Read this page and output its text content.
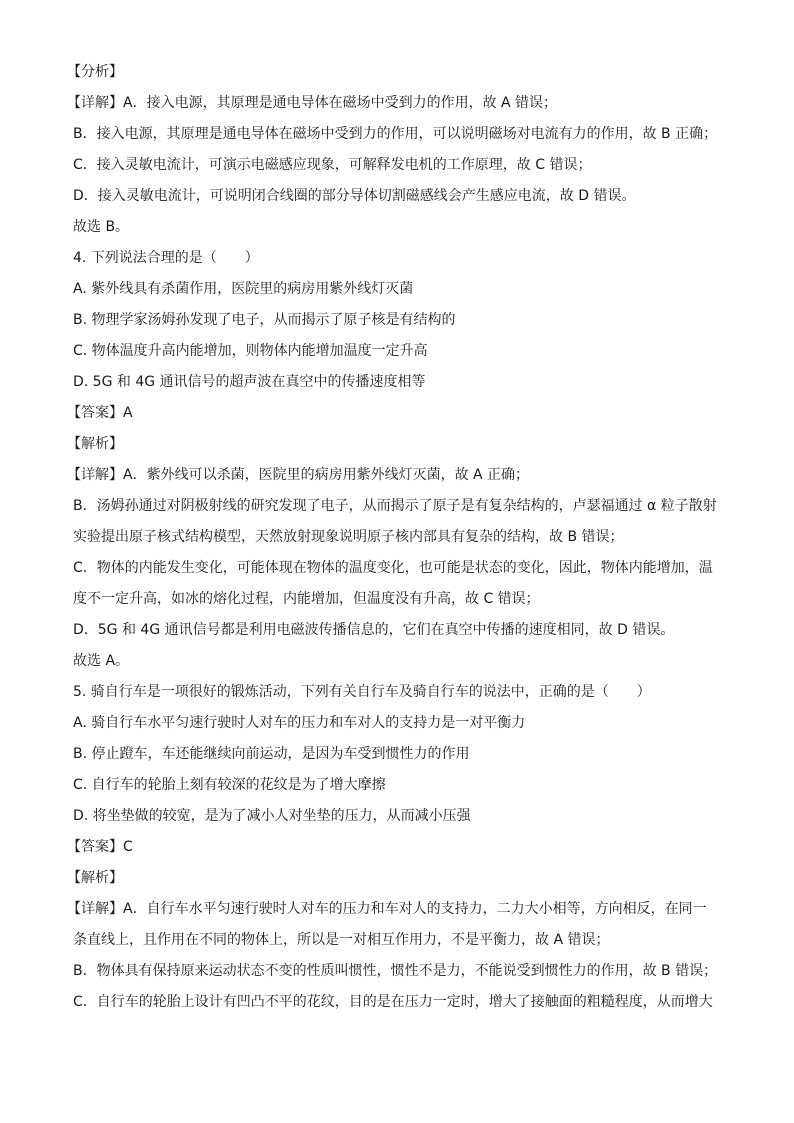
【分析】
【详解】A．接入电源，其原理是通电导体在磁场中受到力的作用，故 A 错误；
B．接入电源，其原理是通电导体在磁场中受到力的作用，可以说明磁场对电流有力的作用，故 B 正确；
C．接入灵敏电流计，可演示电磁感应现象，可解释发电机的工作原理，故 C 错误；
D．接入灵敏电流计，可说明闭合线圈的部分导体切割磁感线会产生感应电流，故 D 错误。
故选 B。
4. 下列说法合理的是（　　）
A. 紫外线具有杀菌作用，医院里的病房用紫外线灯灭菌
B. 物理学家汤姆孙发现了电子，从而揭示了原子核是有结构的
C. 物体温度升高内能增加，则物体内能增加温度一定升高
D. 5G 和 4G 通讯信号的超声波在真空中的传播速度相等
【答案】A
【解析】
【详解】A．紫外线可以杀菌，医院里的病房用紫外线灯灭菌，故 A 正确；
B．汤姆孙通过对阴极射线的研究发现了电子，从而揭示了原子是有复杂结构的，卢瑟福通过 α 粒子散射
实验提出原子核式结构模型，天然放射现象说明原子核内部具有复杂的结构，故 B 错误；
C．物体的内能发生变化，可能体现在物体的温度变化，也可能是状态的变化，因此，物体内能增加，温
度不一定升高，如冰的熔化过程，内能增加，但温度没有升高，故 C 错误；
D．5G 和 4G 通讯信号都是利用电磁波传播信息的，它们在真空中传播的速度相同，故 D 错误。
故选 A。
5. 骑自行车是一项很好的锻炼活动，下列有关自行车及骑自行车的说法中，正确的是（　　）
A. 骑自行车水平匀速行驶时人对车的压力和车对人的支持力是一对平衡力
B. 停止蹬车，车还能继续向前运动，是因为车受到惯性力的作用
C. 自行车的轮胎上刻有较深的花纹是为了增大摩擦
D. 将坐垫做的较宽，是为了减小人对坐垫的压力，从而减小压强
【答案】C
【解析】
【详解】A．自行车水平匀速行驶时人对车的压力和车对人的支持力，二力大小相等，方向相反，在同一
条直线上，且作用在不同的物体上，所以是一对相互作用力，不是平衡力，故 A 错误；
B．物体具有保持原来运动状态不变的性质叫惯性，惯性不是力，不能说受到惯性力的作用，故 B 错误；
C．自行车的轮胎上设计有凹凸不平的花纹，目的是在压力一定时，增大了接触面的粗糙程度，从而增大
